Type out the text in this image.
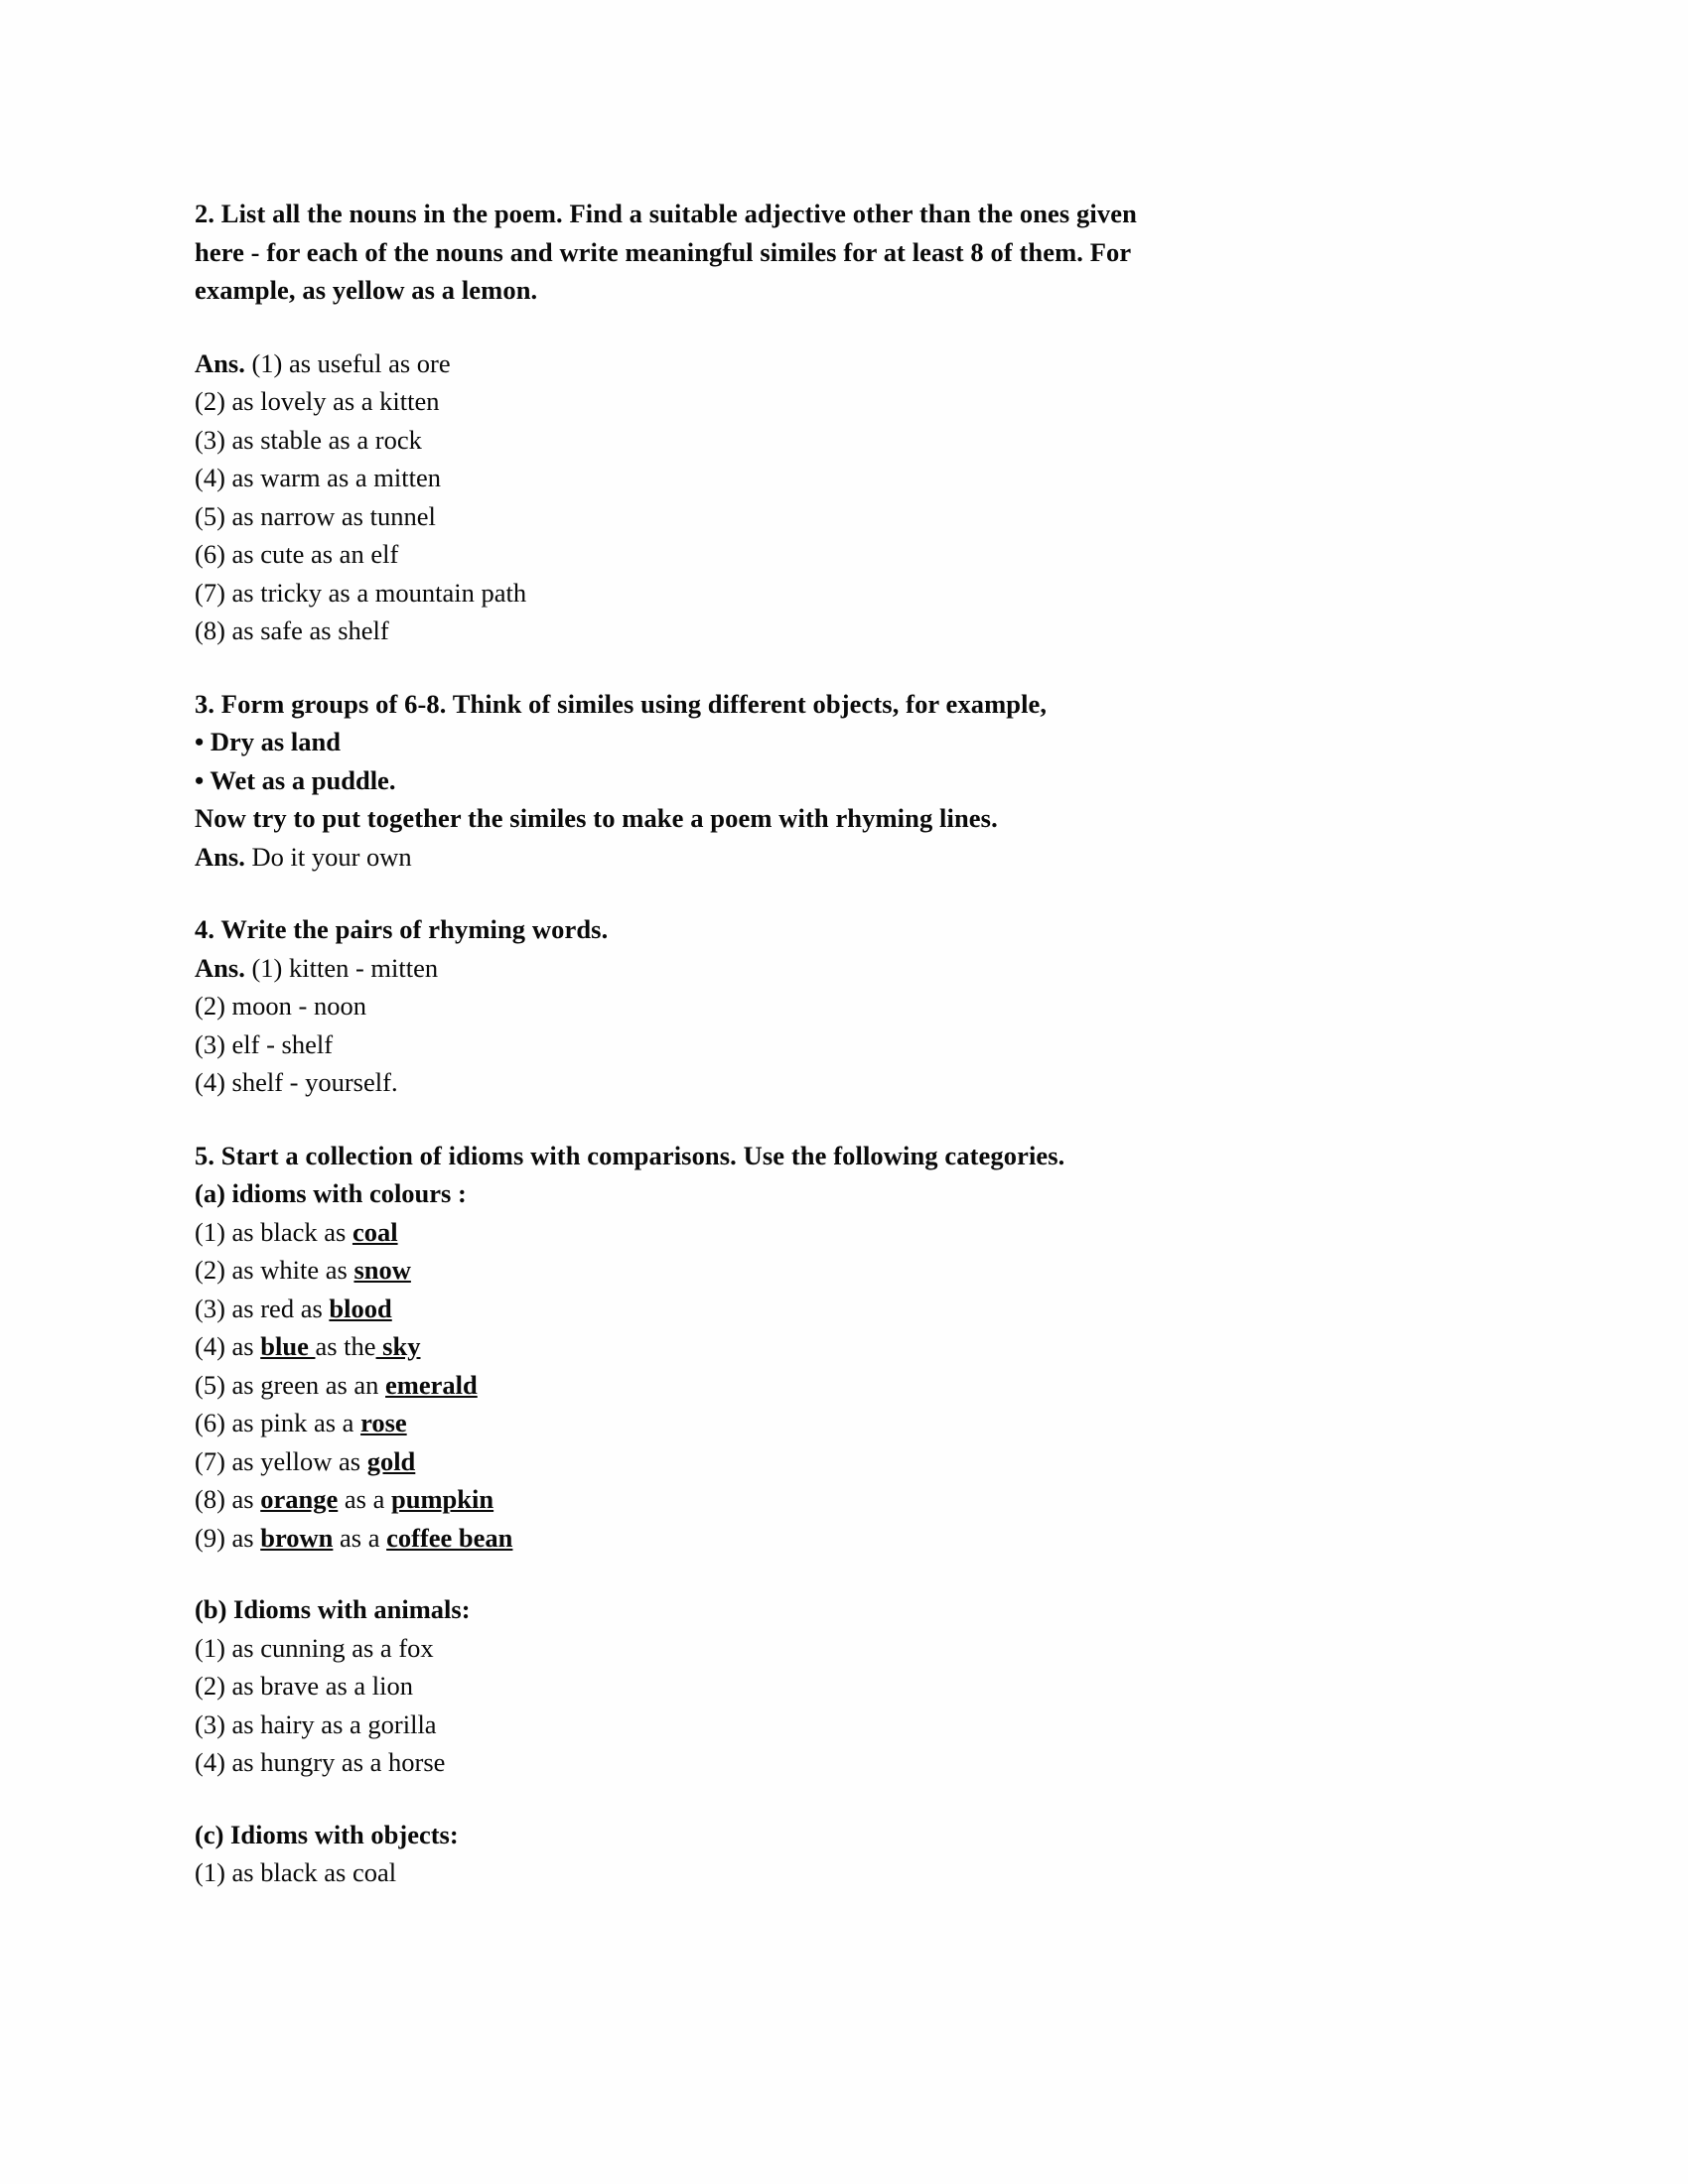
2. List all the nouns in the poem. Find a suitable adjective other than the ones given
here - for each of the nouns and write meaningful similes for at least 8 of them. For
example, as yellow as a lemon.
Ans. (1) as useful as ore
(2) as lovely as a kitten
(3) as stable as a rock
(4) as warm as a mitten
(5) as narrow as tunnel
(6) as cute as an elf
(7) as tricky as a mountain path
(8) as safe as shelf
3. Form groups of 6-8. Think of similes using different objects, for example,
• Dry as land
• Wet as a puddle.
Now try to put together the similes to make a poem with rhyming lines.
Ans. Do it your own
4. Write the pairs of rhyming words.
Ans. (1) kitten - mitten
(2) moon - noon
(3) elf - shelf
(4) shelf - yourself.
5. Start a collection of idioms with comparisons. Use the following categories.
(a) idioms with colours :
(1) as black as coal
(2) as white as snow
(3) as red as blood
(4) as blue as the sky
(5) as green as an emerald
(6) as pink as a rose
(7) as yellow as gold
(8) as orange as a pumpkin
(9) as brown as a coffee bean
(b) Idioms with animals:
(1) as cunning as a fox
(2) as brave as a lion
(3) as hairy as a gorilla
(4) as hungry as a horse
(c) Idioms with objects:
(1) as black as coal
